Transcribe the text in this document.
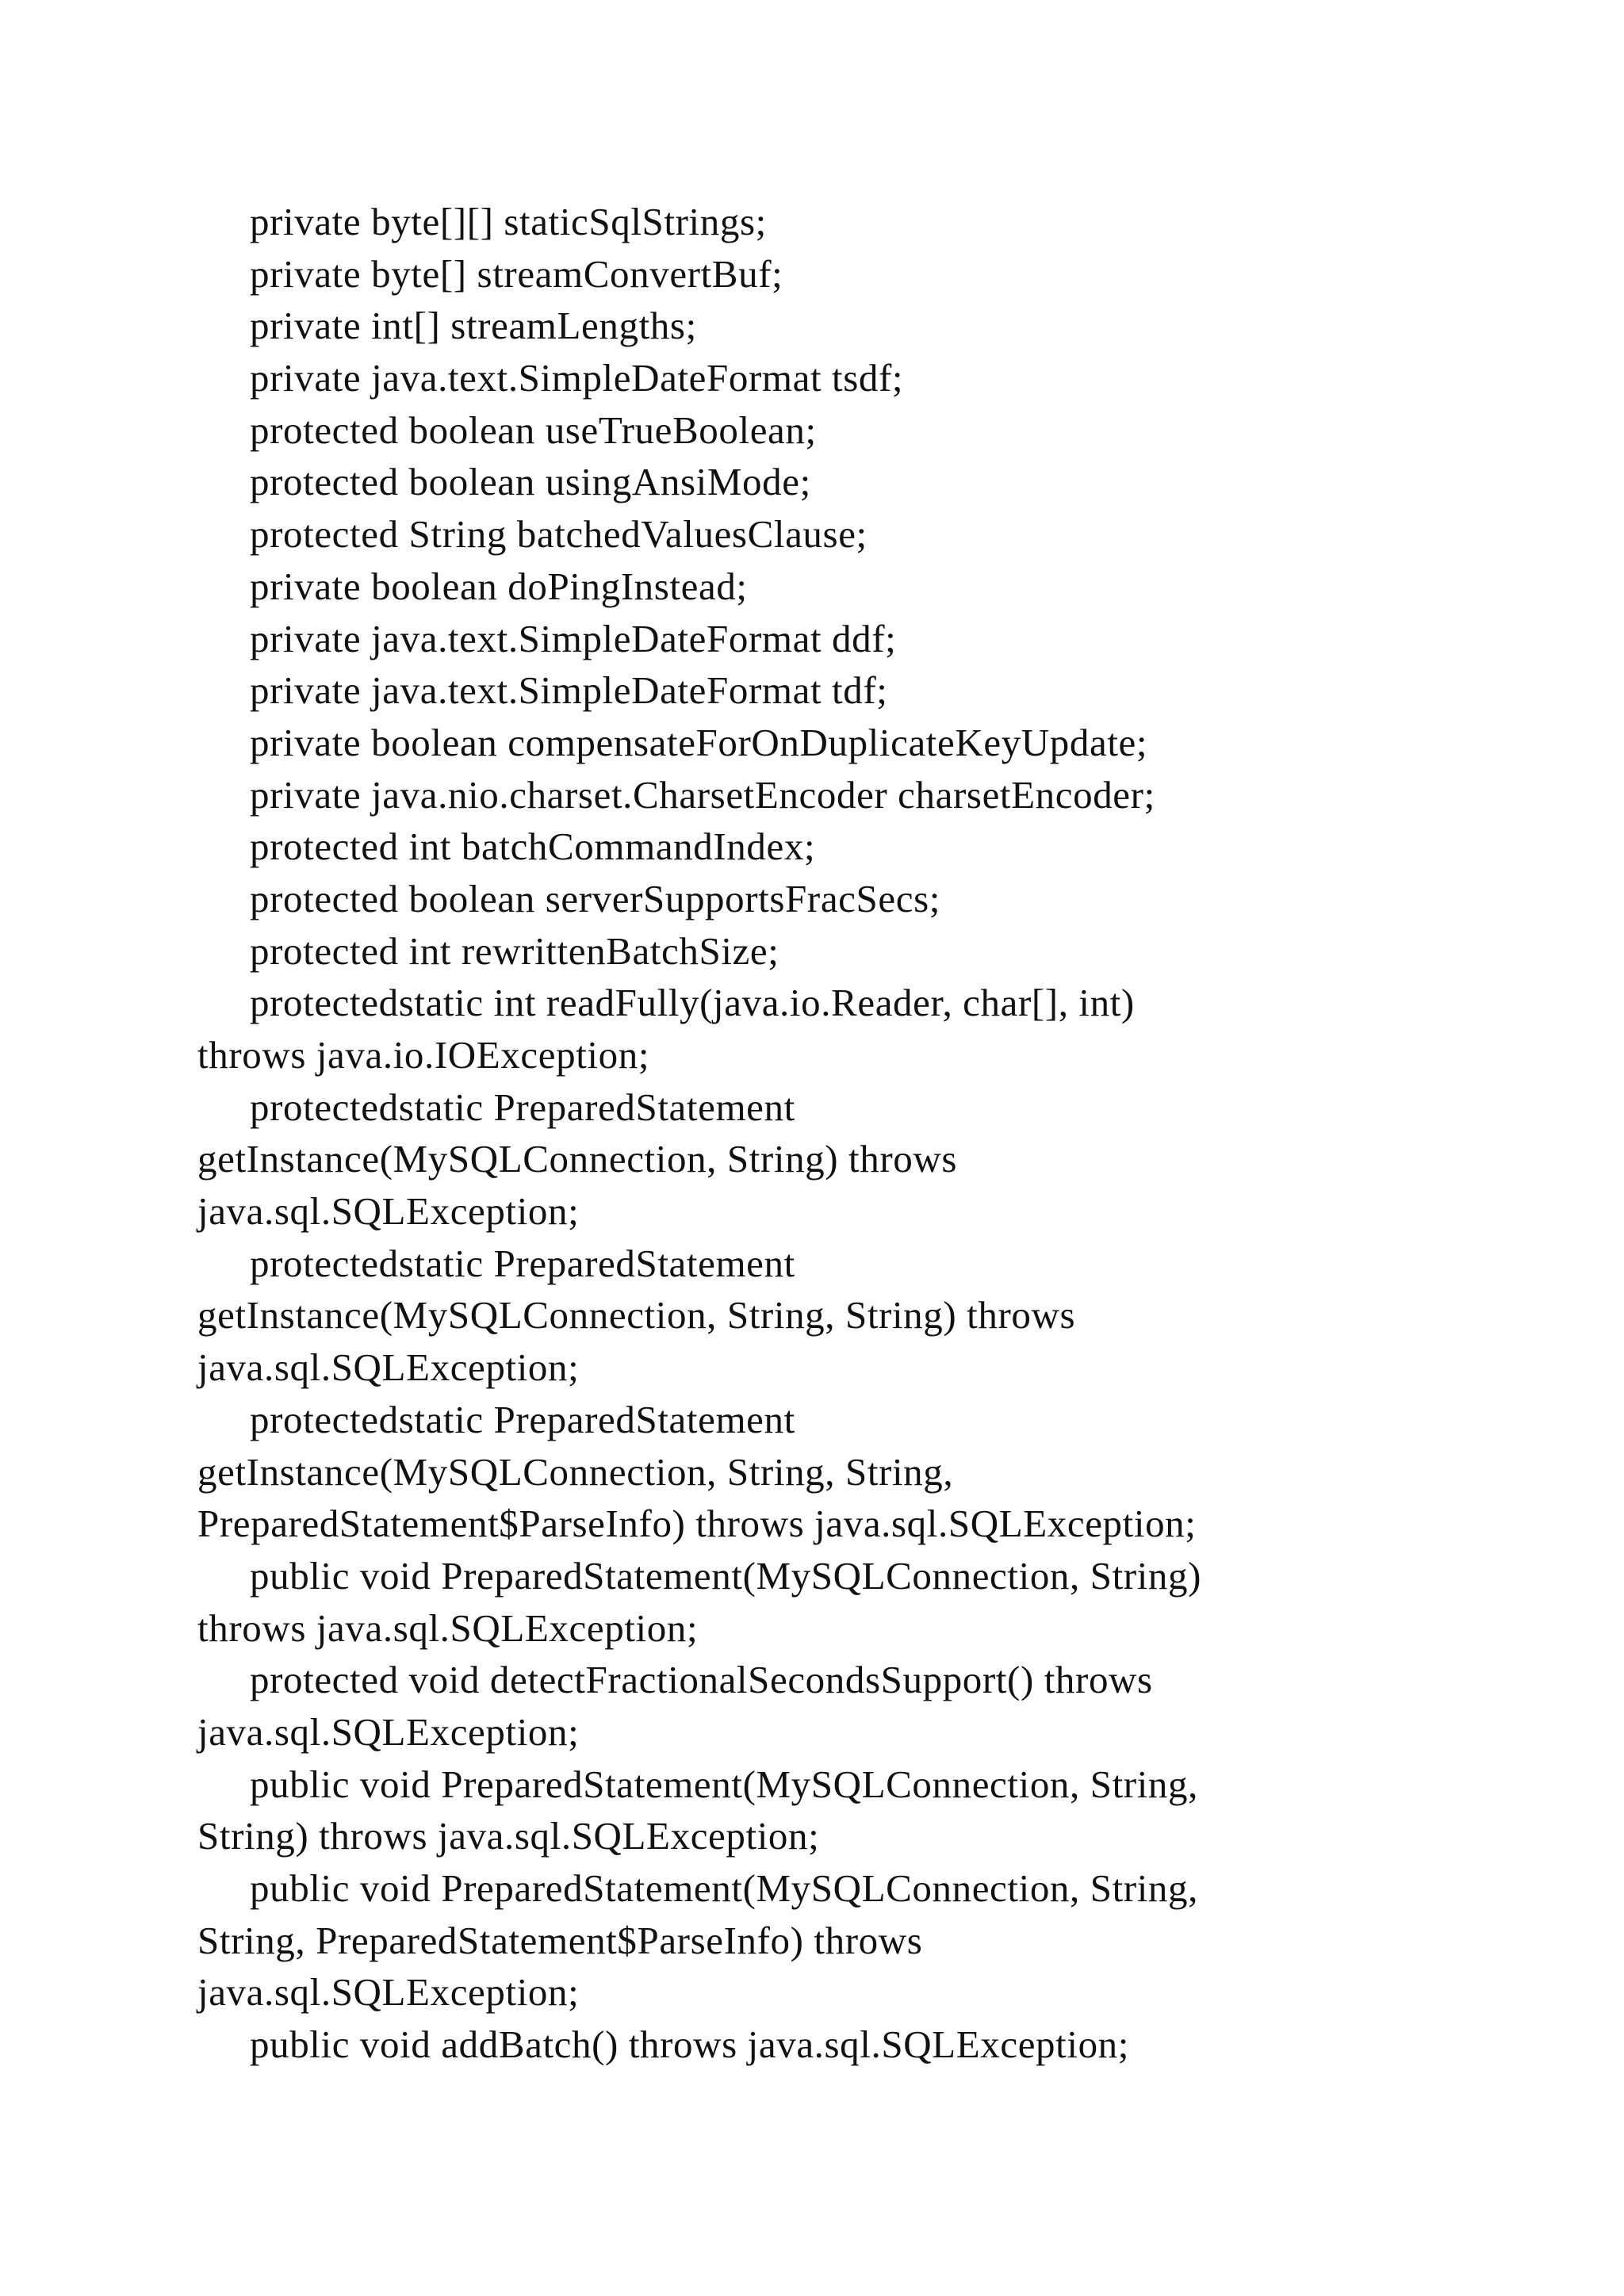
private byte[][] staticSqlStrings;
private byte[] streamConvertBuf;
private int[] streamLengths;
private java.text.SimpleDateFormat tsdf;
protected boolean useTrueBoolean;
protected boolean usingAnsiMode;
protected String batchedValuesClause;
private boolean doPingInstead;
private java.text.SimpleDateFormat ddf;
private java.text.SimpleDateFormat tdf;
private boolean compensateForOnDuplicateKeyUpdate;
private java.nio.charset.CharsetEncoder charsetEncoder;
protected int batchCommandIndex;
protected boolean serverSupportsFracSecs;
protected int rewrittenBatchSize;
protectedstatic int readFully(java.io.Reader, char[], int)
throws java.io.IOException;
protectedstatic PreparedStatement
getInstance(MySQLConnection, String) throws
java.sql.SQLException;
protectedstatic PreparedStatement
getInstance(MySQLConnection, String, String) throws
java.sql.SQLException;
protectedstatic PreparedStatement
getInstance(MySQLConnection, String, String,
PreparedStatement$ParseInfo) throws java.sql.SQLException;
public void PreparedStatement(MySQLConnection, String)
throws java.sql.SQLException;
protected void detectFractionalSecondsSupport() throws
java.sql.SQLException;
public void PreparedStatement(MySQLConnection, String,
String) throws java.sql.SQLException;
public void PreparedStatement(MySQLConnection, String,
String, PreparedStatement$ParseInfo) throws
java.sql.SQLException;
public void addBatch() throws java.sql.SQLException;
